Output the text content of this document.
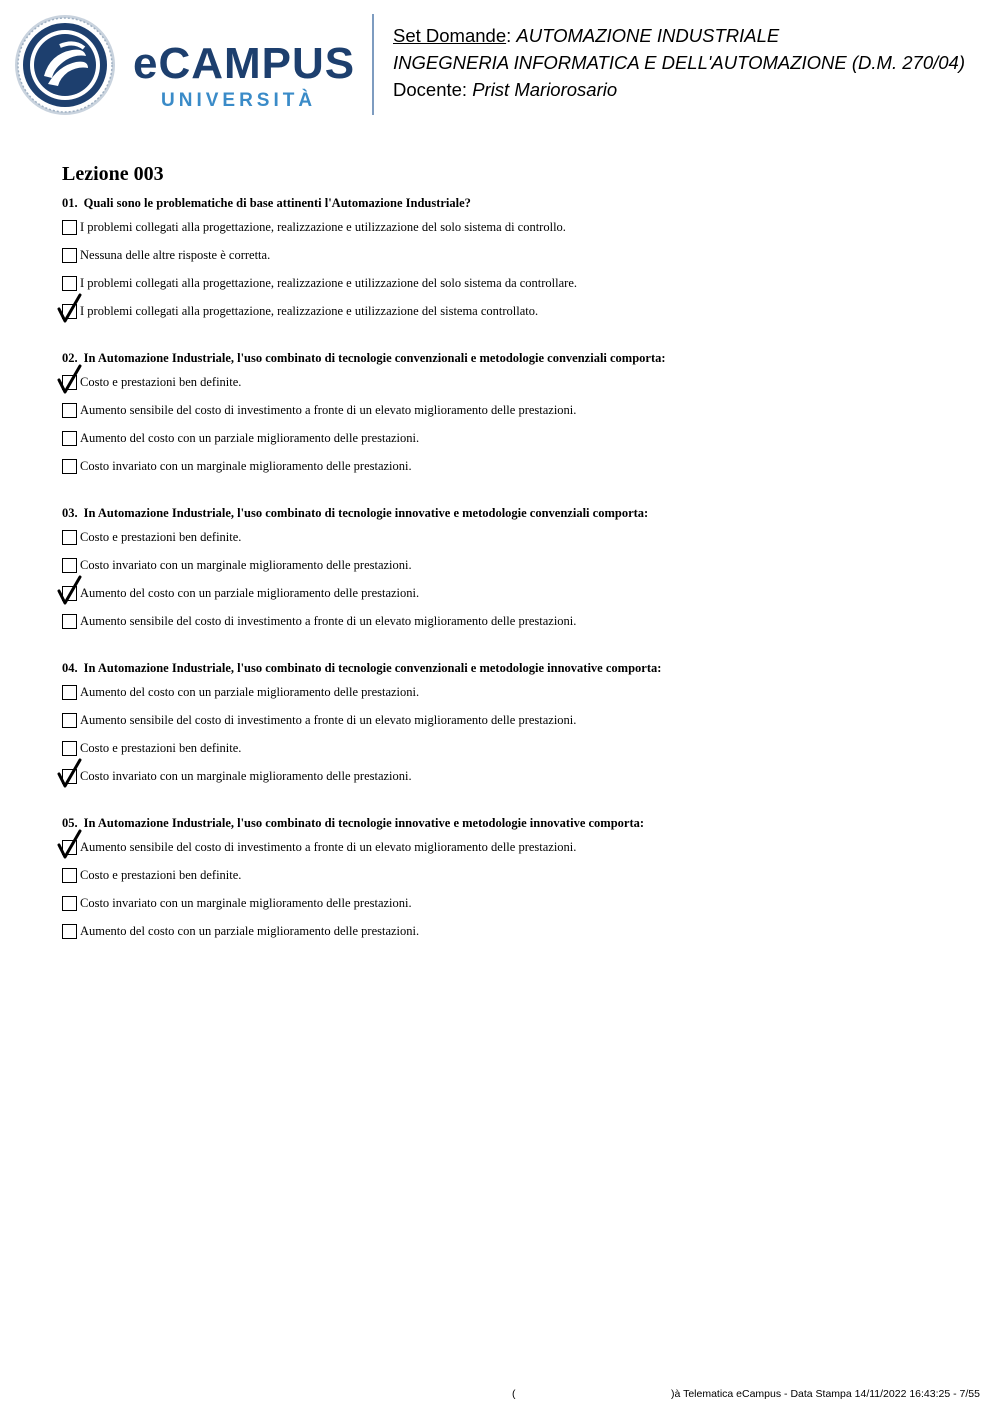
eCAMPUS
UNIVERSITÀ
Set Domande: AUTOMAZIONE INDUSTRIALE
INGEGNERIA INFORMATICA E DELL'AUTOMAZIONE (D.M. 270/04)
Docente: Prist Mariorosario
Lezione 003
01. Quali sono le problematiche di base attinenti l'Automazione Industriale?
I problemi collegati alla progettazione, realizzazione e utilizzazione del solo sistema di controllo.
Nessuna delle altre risposte è corretta.
I problemi collegati alla progettazione, realizzazione e utilizzazione del solo sistema da controllare.
I problemi collegati alla progettazione, realizzazione e utilizzazione del sistema controllato.
02. In Automazione Industriale, l'uso combinato di tecnologie convenzionali e metodologie convenziali comporta:
Costo e prestazioni ben definite.
Aumento sensibile del costo di investimento a fronte di un elevato miglioramento delle prestazioni.
Aumento del costo con un parziale miglioramento delle prestazioni.
Costo invariato con un marginale miglioramento delle prestazioni.
03. In Automazione Industriale, l'uso combinato di tecnologie innovative e metodologie convenziali comporta:
Costo e prestazioni ben definite.
Costo invariato con un marginale miglioramento delle prestazioni.
Aumento del costo con un parziale miglioramento delle prestazioni.
Aumento sensibile del costo di investimento a fronte di un elevato miglioramento delle prestazioni.
04. In Automazione Industriale, l'uso combinato di tecnologie convenzionali e metodologie innovative comporta:
Aumento del costo con un parziale miglioramento delle prestazioni.
Aumento sensibile del costo di investimento a fronte di un elevato miglioramento delle prestazioni.
Costo e prestazioni ben definite.
Costo invariato con un marginale miglioramento delle prestazioni.
05. In Automazione Industriale, l'uso combinato di tecnologie innovative e metodologie innovative comporta:
Aumento sensibile del costo di investimento a fronte di un elevato miglioramento delle prestazioni.
Costo e prestazioni ben definite.
Costo invariato con un marginale miglioramento delle prestazioni.
Aumento del costo con un parziale miglioramento delle prestazioni.
(	)à Telematica eCampus - Data Stampa 14/11/2022 16:43:25 - 7/55
